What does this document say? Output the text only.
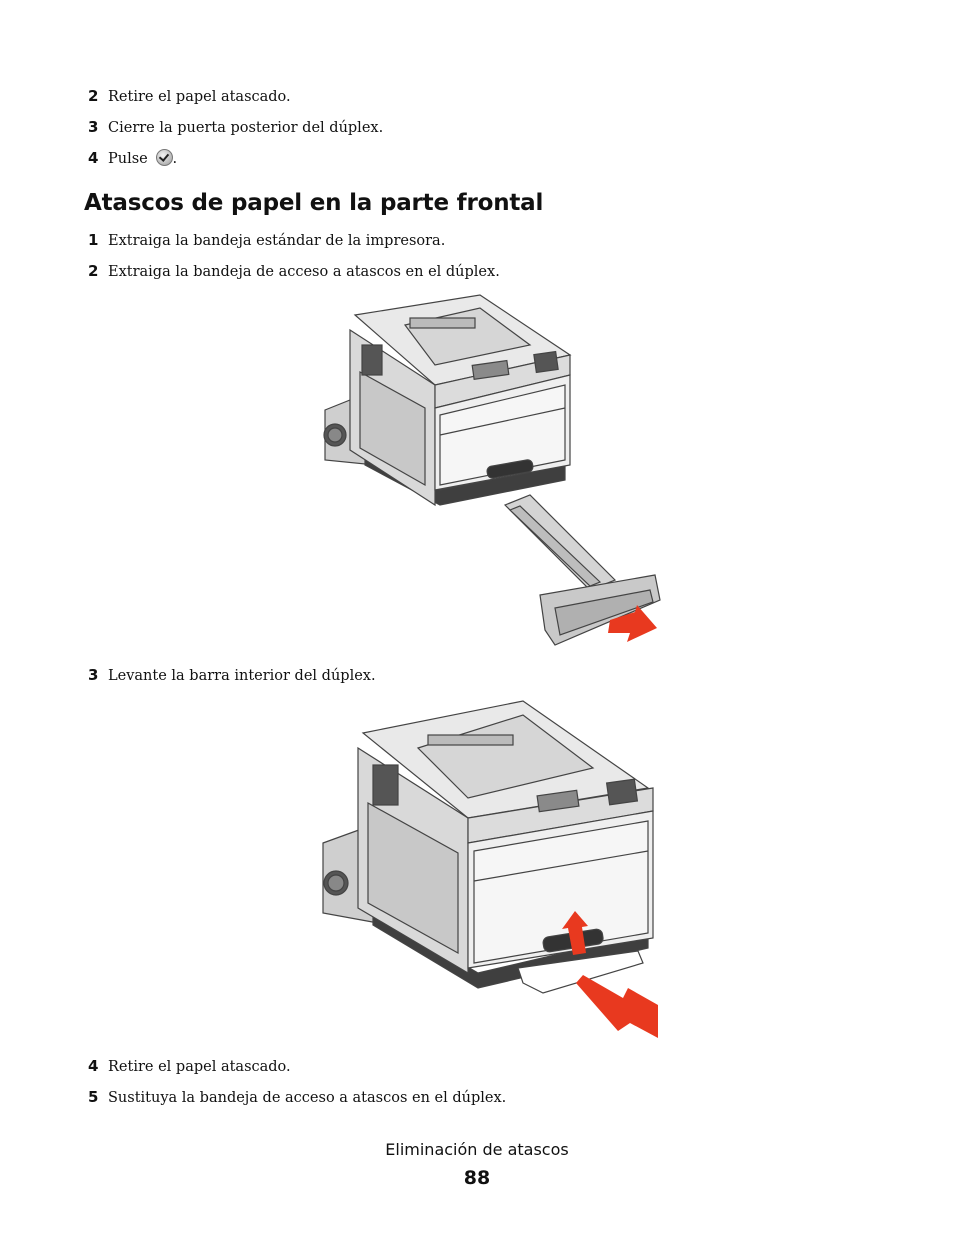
2 Retire el papel atascado.
3 Cierre la puerta posterior del dúplex.
4 Pulse .
Atascos de papel en la parte frontal
1 Extraiga la bandeja estándar de la impresora.
2 Extraiga la bandeja de acceso a atascos en el dúplex.
3 Levante la barra interior del dúplex.
4 Retire el papel atascado.
5 Sustituya la bandeja de acceso a atascos en el dúplex.
Eliminación de atascos
88
